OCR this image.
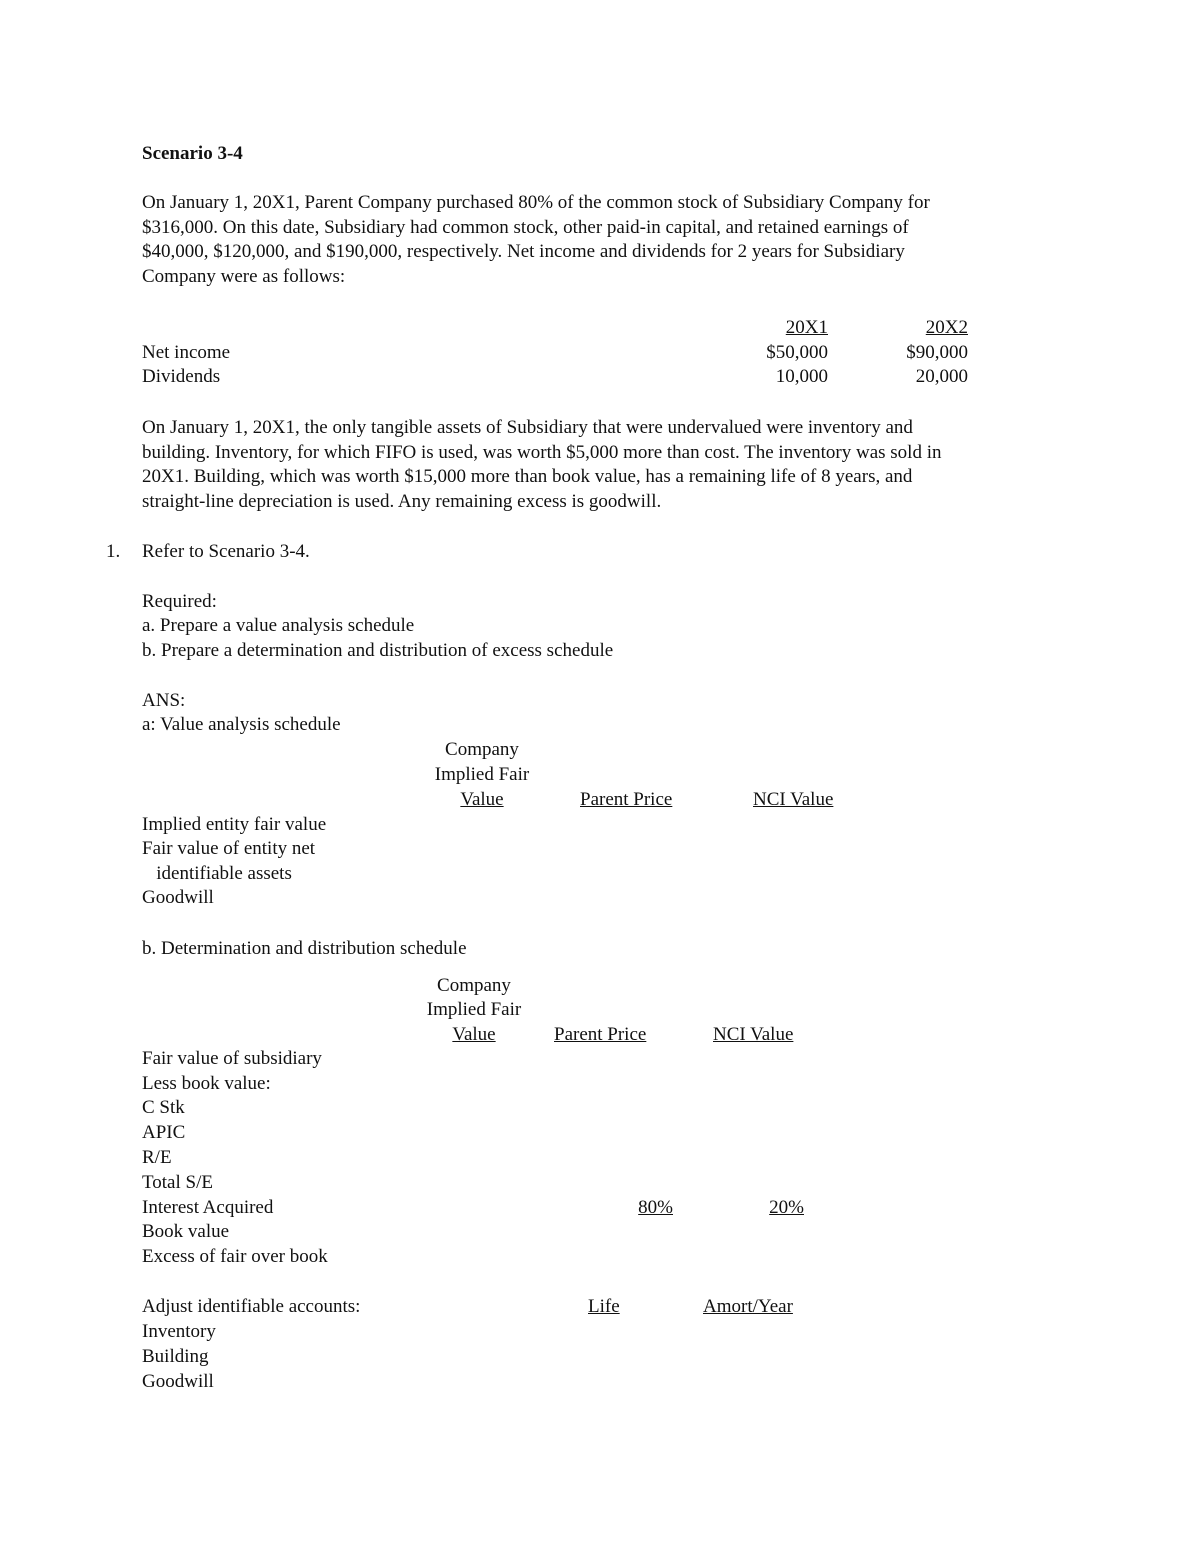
Scenario 3-4
On January 1, 20X1, Parent Company purchased 80% of the common stock of Subsidiary Company for
$316,000. On this date, Subsidiary had common stock, other paid-in capital, and retained earnings of
$40,000, $120,000, and $190,000, respectively. Net income and dividends for 2 years for Subsidiary
Company were as follows:
20X1	20X2
Net income	$50,000	$90,000
Dividends	10,000	20,000
On January 1, 20X1, the only tangible assets of Subsidiary that were undervalued were inventory and
building. Inventory, for which FIFO is used, was worth $5,000 more than cost. The inventory was sold in
20X1. Building, which was worth $15,000 more than book value, has a remaining life of 8 years, and
straight-line depreciation is used. Any remaining excess is goodwill.
1. Refer to Scenario 3-4.
Required:
a. Prepare a value analysis schedule
b. Prepare a determination and distribution of excess schedule
ANS:
a: Value analysis schedule
Company
Implied Fair
Value	Parent Price	NCI Value
Implied entity fair value
Fair value of entity net
identifiable assets
Goodwill
b. Determination and distribution schedule
Company
Implied Fair
Value	Parent Price	NCI Value
Fair value of subsidiary
Less book value:
C Stk
APIC
R/E
Total S/E
Interest Acquired	80%	20%
Book value
Excess of fair over book
Adjust identifiable accounts:	Life	Amort/Year
Inventory
Building
Goodwill
